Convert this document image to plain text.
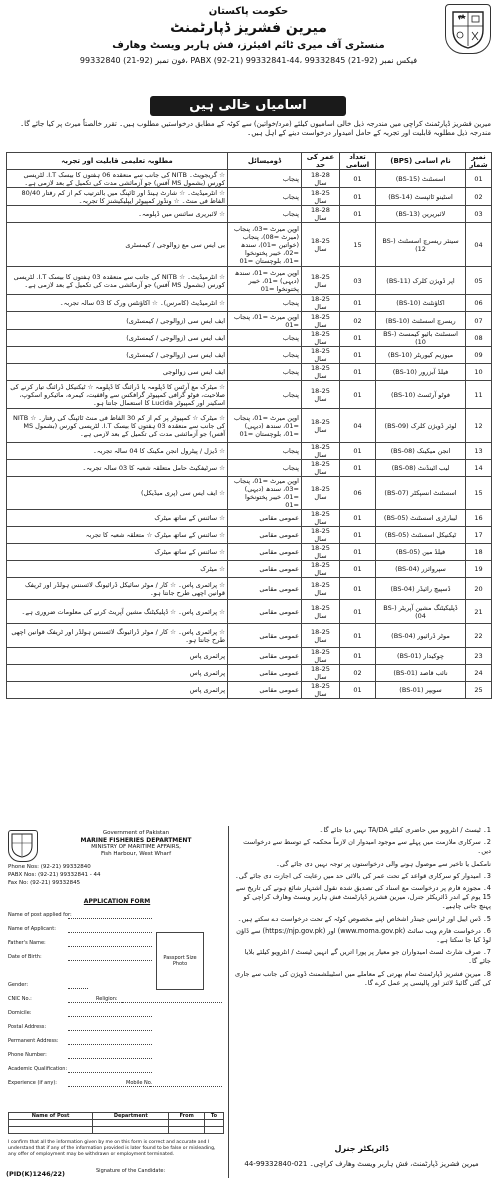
حکومت پاکستان
میرین فشریز ڈپارٹمنٹ
منسٹری آف میری ٹائم افیئرز، فش ہاربر ویسٹ وھارف
فون نمبر (92-21) 99332840، PABX (92-21) 99332841-44، فیکس نمبر (92-21) 99332845
اسامیاں خالی ہیں
میرین فشریز ڈپارٹمنٹ کراچی میں مندرجہ ذیل خالی اسامیوں کیلئے (مرد/خواتین) سے کوٹہ کے مطابق درخواستیں مطلوب ہیں۔ تقرر خالصتاً میرٹ پر کیا جائے گا۔ مندرجہ ذیل مطلوبہ قابلیت اور تجربہ کے حامل امیدوار درخواست دینے کے اہل ہیں۔
نمبر شمار	نام اسامی (BPS)	تعداد اسامی	عمر کی حد	ڈومیسائل	مطلوبہ تعلیمی قابلیت اور تجربہ
01	اسسٹنٹ (BS-15)	01	18-28 سال	پنجاب	☆ گریجویٹ۔ NITB کی جانب سے منعقدہ 06 ہفتوں کا بیسک I.T. لٹریسی کورس (بشمول MS آفس) جو آزمائشی مدت کی تکمیل کے بعد لازمی ہے۔
02	اسٹینو ٹائپسٹ (BS-14)	01	18-25 سال	پنجاب	☆ انٹرمیڈیٹ۔ ☆ شارٹ ہینڈ اور ٹائپنگ میں بالترتیب کم از کم رفتار 80/40 الفاظ فی منٹ۔ ☆ ونڈوز کمپیوٹر ایپلیکیشنز کا تجربہ۔
03	لائبریرین (BS-13)	01	18-28 سال	پنجاب	☆ لائبریری سائنس میں ڈپلومہ۔
04	سینئر ریسرچ اسسٹنٹ (BS-12)	15	18-25 سال	اوپن میرٹ =03، پنجاب (میرٹ =08)، پنجاب (خواتین =01)، سندھ =02، خیبر پختونخوا =01، بلوچستان =01	بی ایس سی مع زوالوجی / کیمسٹری
05	اپر ڈویژن کلرک (BS-11)	03	18-25 سال	اوپن میرٹ =01، سندھ (دیہی) =01، خیبر پختونخوا =01	☆ انٹرمیڈیٹ۔ ☆ NITB کی جانب سے منعقدہ 03 ہفتوں کا بیسک I.T. لٹریسی کورس (بشمول MS آفس) جو آزمائشی مدت کی تکمیل کے بعد لازمی ہے۔
06	اکاؤنٹنٹ (BS-10)	01	18-25 سال	پنجاب	☆ انٹرمیڈیٹ (کامرس)۔ ☆ اکاؤنٹس ورک کا 03 سالہ تجربہ۔
07	ریسرچ اسسٹنٹ (BS-10)	02	18-25 سال	اوپن میرٹ =01، پنجاب =01	ایف ایس سی (زوالوجی / کیمسٹری)
08	اسسٹنٹ بائیو کیمسٹ (BS-10)	01	18-25 سال	پنجاب	ایف ایس سی (زوالوجی / کیمسٹری)
09	میوزیم کیوریٹر (BS-10)	01	18-25 سال	پنجاب	ایف ایس سی (زوالوجی / کیمسٹری)
10	فیلڈ آبزرور (BS-10)	01	18-25 سال	پنجاب	ایف ایس سی زوالوجی
11	فوٹو آرٹسٹ (BS-10)	01	18-25 سال	پنجاب	☆ میٹرک مع آرٹس کا ڈپلومہ یا ڈرائنگ کا ڈپلومہ ☆ ٹیکنیکل ڈرائنگ تیار کرنے کی صلاحیت، فوٹو گرافی کمپیوٹر گرافکس سے واقفیت، کیمرہ، مائیکرو اسکوپ، اسکینر اور کمپیوٹر Lucida کا استعمال جانتا ہو۔
12	لوئر ڈویژن کلرک (BS-09)	04	18-25 سال	اوپن میرٹ =01، پنجاب =01، سندھ (دیہی) =01، بلوچستان =01	☆ میٹرک ☆ کمپیوٹر پر کم از کم 30 الفاظ فی منٹ ٹائپنگ کی رفتار۔ ☆ NITB کی جانب سے منعقدہ 03 ہفتوں کا بیسک I.T. لٹریسی کورس (بشمول MS آفس) جو آزمائشی مدت کی تکمیل کے بعد لازمی ہے۔
13	انجن میکینک (BS-08)	01	18-25 سال	پنجاب	☆ ڈیزل / پیٹرول انجن مکینک کا 04 سالہ تجربہ۔
14	لیب اٹینڈنٹ (BS-08)	01	18-25 سال	پنجاب	☆ سرٹیفکیٹ حامل متعلقہ شعبہ کا 03 سالہ تجربہ۔
15	اسسٹنٹ انسپکٹر (BS-07)	06	18-25 سال	اوپن میرٹ =01، پنجاب =03، سندھ (دیہی) =01، خیبر پختونخوا =01	☆ ایف ایس سی (پری میڈیکل)
16	لیبارٹری اسسٹنٹ (BS-05)	01	18-25 سال	عمومی مقامی	☆ سائنس کے ساتھ میٹرک
17	ٹیکنیکل اسسٹنٹ (BS-05)	01	18-25 سال	عمومی مقامی	☆ سائنس کے ساتھ میٹرک ☆ متعلقہ شعبہ کا تجربہ
18	فیلڈ مین (BS-05)	01	18-25 سال	عمومی مقامی	☆ سائنس کے ساتھ میٹرک
19	سپروائزر (BS-04)	01	18-25 سال	عمومی مقامی	☆ میٹرک
20	ڈسپیچ رائیڈر (BS-04)	01	18-25 سال	عمومی مقامی	☆ پرائمری پاس۔ ☆ کار / موٹر سائیکل ڈرائیونگ لائسنس ہولڈر اور ٹریفک قوانین اچھی طرح جانتا ہو۔
21	ڈپلیکیٹنگ مشین آپریٹر (BS-04)	01	18-25 سال	عمومی مقامی	☆ پرائمری پاس۔ ☆ ڈپلیکیٹنگ مشین آپریٹ کرنے کی معلومات ضروری ہے۔
22	موٹر ڈرائیور (BS-04)	01	18-25 سال	عمومی مقامی	☆ پرائمری پاس۔ ☆ کار / موٹر ڈرائیونگ لائسنس ہولڈر اور ٹریفک قوانین اچھی طرح جانتا ہو۔
23	چوکیدار (BS-01)	01	18-25 سال	عمومی مقامی	پرائمری پاس
24	نائب قاصد (BS-01)	02	18-25 سال	عمومی مقامی	پرائمری پاس
25	سویپر (BS-01)	01	18-25 سال	عمومی مقامی	پرائمری پاس
Government of Pakistan
MARINE FISHERIES DEPARTMENT
MINISTRY OF MARITIME AFFAIRS,
Fish Harbour, West Wharf
Phone Nos: (92-21) 99332840
PABX Nos: (92-21) 99332841 - 44
Fax No: (92-21) 99332845
APPLICATION FORM
Name of post applied for:
Name of Applicant:
Father's Name:
Date of Birth:
Gender:
CNIC No.:
Domicile:
Postal Address:
Permanent Address:
Phone Number:
Academic Qualification:
Experience (if any):
Religion:
Mobile No.
Passport Size Photo
Name of Post	Department	From	To

I confirm that all the information given by me on this form is correct and accurate and I understand that if any of the information provided is later found to be false or misleading, any offer of employment may be withdrawn or employment terminated.
Signature of the Candidate:
(PID(K)1246/22)
1۔ ٹیسٹ / انٹرویو میں حاضری کیلئے TA/DA نہیں دیا جائے گا۔
2۔ سرکاری ملازمت میں پہلے سے موجود امیدوار ان لازماً محکمہ کے توسط سے درخواست دیں۔
نامکمل یا تاخیر سے موصول ہونے والی درخواستوں پر توجہ نہیں دی جائے گی۔
3۔ امیدوار کو سرکاری قواعد کے تحت عمر کی بالائی حد میں رعایت کی اجازت دی جائے گی۔
4۔ مجوزہ فارم پر درخواست مع اسناد کی تصدیق شدہ نقول اشتہار شائع ہونے کی تاریخ سے 15 یوم کے اندر ڈائریکٹر جنرل، میرین فشریز ڈپارٹمنٹ فش ہاربر ویسٹ وھارف کراچی کو پہنچ جانی چاہیے۔
5۔ ڈس ایبل اور ٹرانس جینڈر اشخاص اپنے مخصوص کوٹہ کے تحت درخواست دے سکتے ہیں۔
6۔ درخواست فارم ویب سائٹ (www.moma.gov.pk) اور (https://njp.gov.pk) سے ڈاؤن لوڈ کیا جا سکتا ہے۔
7۔ صرف شارٹ لسٹ امیدواران جو معیار پر پورا اتریں گے انہیں ٹیسٹ / انٹرویو کیلئے بلایا جائے گا۔
8۔ میرین فشریز ڈپارٹمنٹ تمام بھرتی کے معاملے میں اسٹیبلشمنٹ ڈویژن کی جانب سے جاری کی گئی گائیڈ لائنز اور پالیسی پر عمل کرے گا۔
ڈائریکٹر جنرل
میرین فشریز ڈپارٹمنٹ، فش ہاربر ویسٹ وھارف کراچی۔ 021-99332840-44
